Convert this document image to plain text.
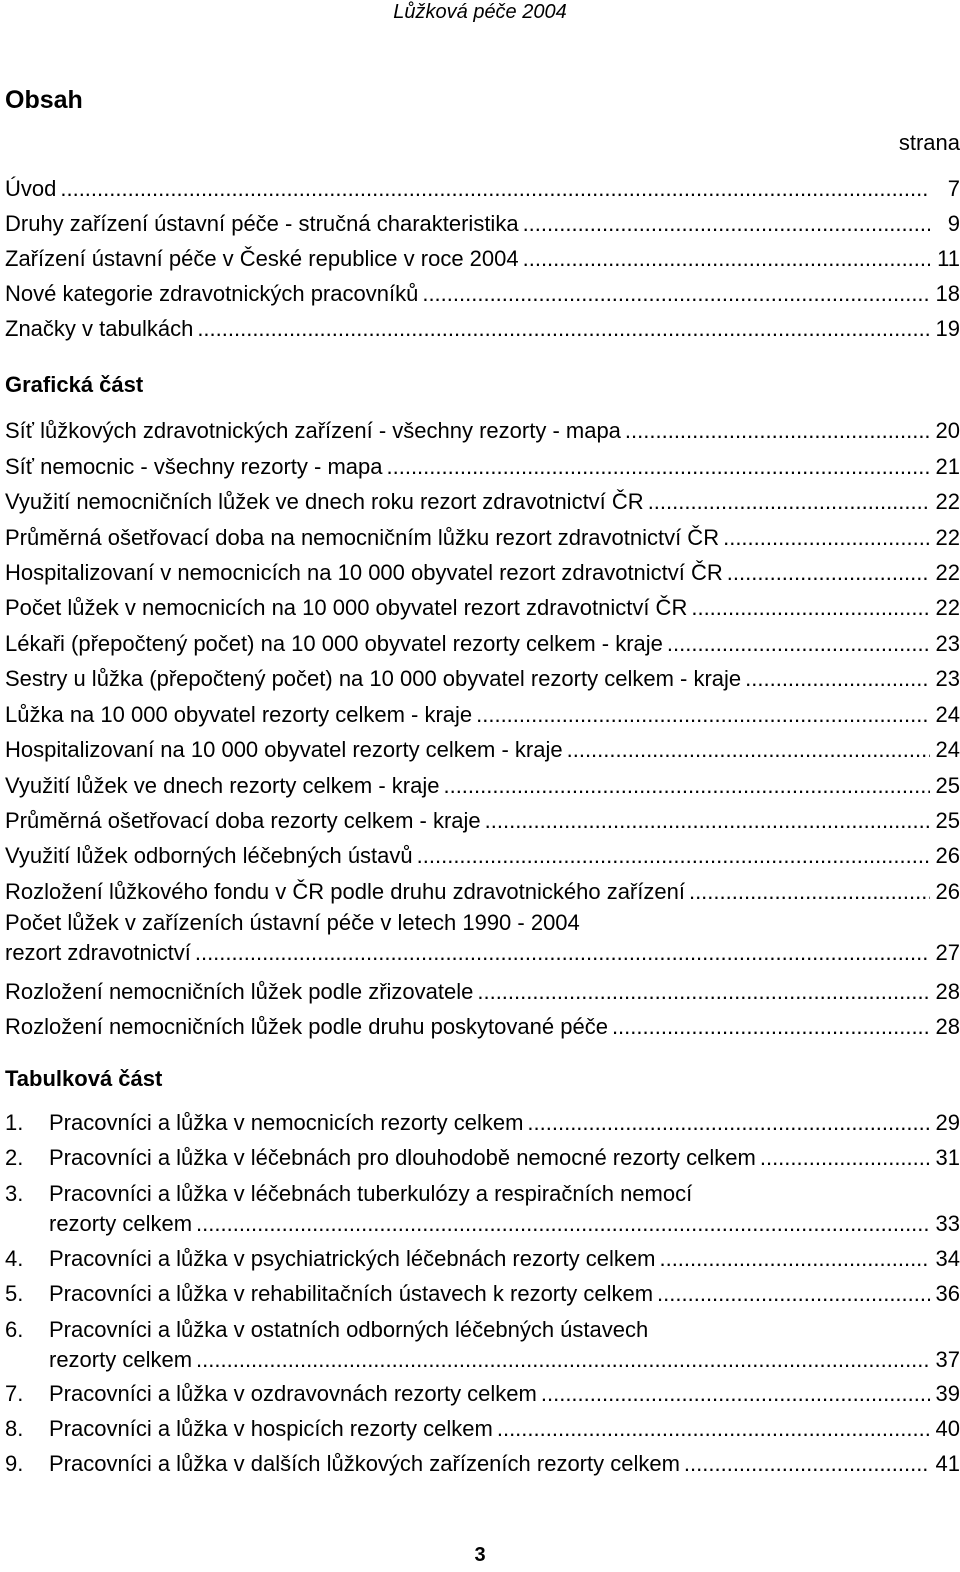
Lůžková péče 2004
Obsah
strana
Úvod .....	7
Druhy zařízení ústavní péče - stručná charakteristika .....	9
Zařízení ústavní péče v České republice v roce 2004 .....	11
Nové kategorie zdravotnických pracovníků .....	18
Značky v tabulkách .....	19
Grafická část
Síť lůžkových zdravotnických zařízení - všechny rezorty - mapa .....	20
Síť nemocnic - všechny rezorty - mapa .....	21
Využití nemocničních lůžek ve dnech roku rezort zdravotnictví ČR .....	22
Průměrná ošetřovací doba na nemocničním lůžku rezort zdravotnictví ČR .....	22
Hospitalizovaní v nemocnicích na 10 000 obyvatel rezort zdravotnictví ČR .....	22
Počet lůžek v nemocnicích na 10 000 obyvatel rezort zdravotnictví ČR .....	22
Lékaři (přepočtený počet) na 10 000 obyvatel rezorty celkem - kraje .....	23
Sestry u lůžka (přepočtený počet) na 10 000 obyvatel rezorty celkem - kraje .....	23
Lůžka na 10 000 obyvatel rezorty celkem - kraje .....	24
Hospitalizovaní na 10 000 obyvatel rezorty celkem - kraje .....	24
Využití lůžek ve dnech rezorty celkem - kraje .....	25
Průměrná ošetřovací doba rezorty celkem - kraje .....	25
Využití lůžek odborných léčebných ústavů .....	26
Rozložení lůžkového fondu v ČR podle druhu zdravotnického zařízení .....	26
Počet lůžek v zařízeních ústavní péče v letech 1990 - 2004
rezort zdravotnictví .....	27
Rozložení nemocničních lůžek podle zřizovatele .....	28
Rozložení nemocničních lůžek podle druhu poskytované péče .....	28
Tabulková část
1. Pracovníci a lůžka v nemocnicích rezorty celkem .....	29
2. Pracovníci a lůžka v léčebnách pro dlouhodobě nemocné rezorty celkem .....	31
3. Pracovníci a lůžka v léčebnách tuberkulózy a respiračních nemocí
rezorty celkem .....	33
4. Pracovníci a lůžka v psychiatrických léčebnách rezorty celkem .....	34
5. Pracovníci a lůžka v rehabilitačních ústavech k rezorty celkem .....	36
6. Pracovníci a lůžka v ostatních odborných léčebných ústavech
rezorty celkem .....	37
7. Pracovníci a lůžka v ozdravovnách rezorty celkem .....	39
8. Pracovníci a lůžka v hospicích rezorty celkem .....	40
9. Pracovníci a lůžka v dalších lůžkových zařízeních rezorty celkem .....	41
3
